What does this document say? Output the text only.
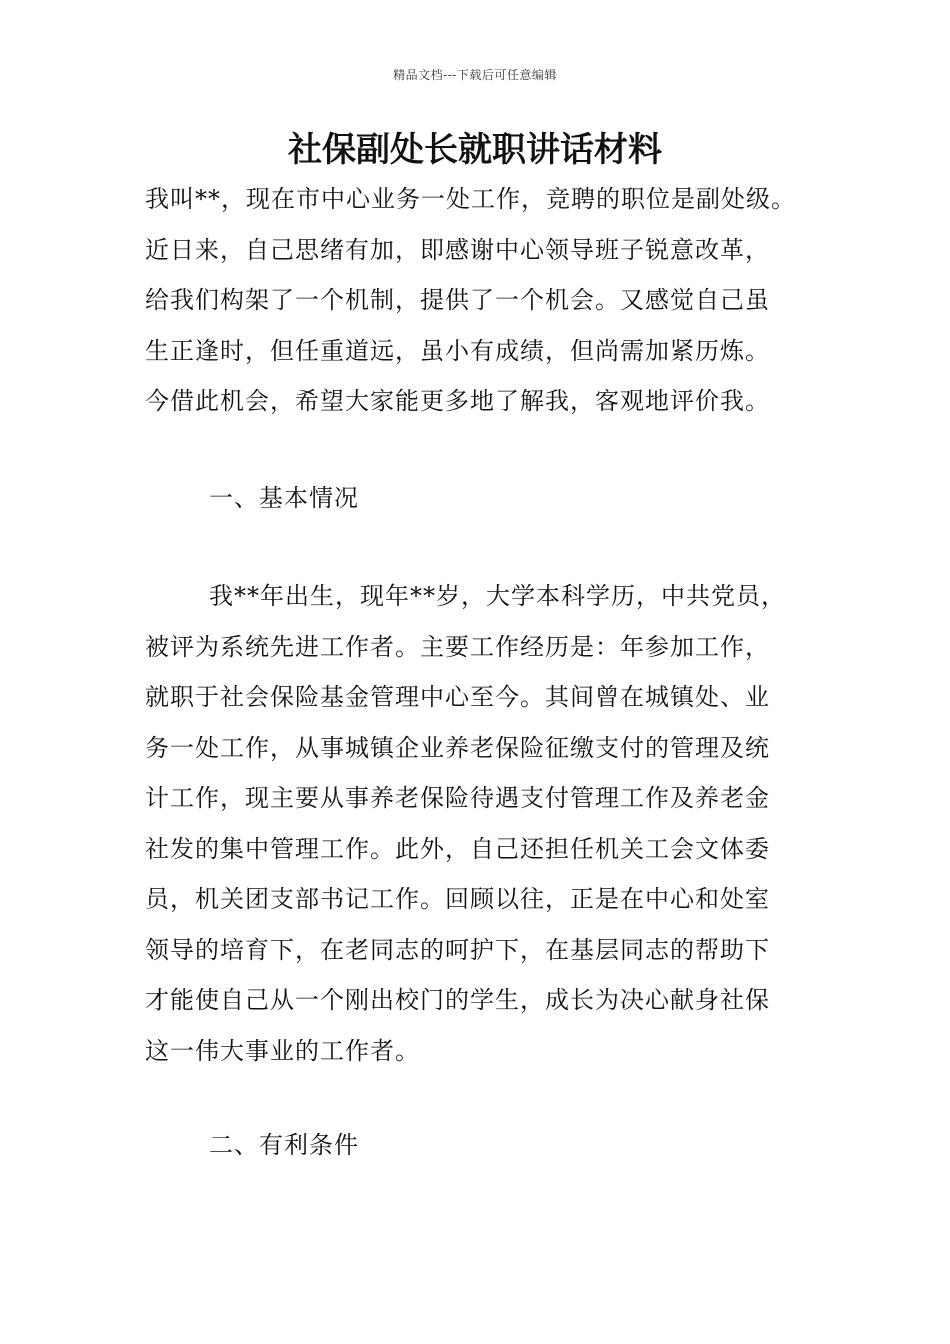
精品文档---下载后可任意编辑
社保副处长就职讲话材料
我叫**，现在市中心业务一处工作，竞聘的职位是副处级。
近日来，自己思绪有加，即感谢中心领导班子锐意改革，
给我们构架了一个机制，提供了一个机会。又感觉自己虽
生正逢时，但任重道远，虽小有成绩，但尚需加紧历炼。
今借此机会，希望大家能更多地了解我，客观地评价我。
一、基本情况
我**年出生，现年**岁，大学本科学历，中共党员，
被评为系统先进工作者。主要工作经历是：年参加工作，
就职于社会保险基金管理中心至今。其间曾在城镇处、业
务一处工作，从事城镇企业养老保险征缴支付的管理及统
计工作，现主要从事养老保险待遇支付管理工作及养老金
社发的集中管理工作。此外，自己还担任机关工会文体委
员，机关团支部书记工作。回顾以往，正是在中心和处室
领导的培育下，在老同志的呵护下，在基层同志的帮助下
才能使自己从一个刚出校门的学生，成长为决心献身社保
这一伟大事业的工作者。
二、有利条件
